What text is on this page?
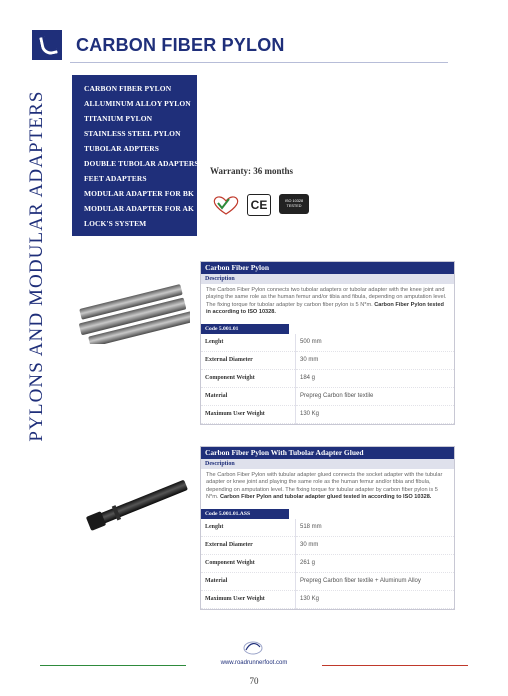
CARBON FIBER PYLON
PYLONS AND MODULAR ADAPTERS
CARBON FIBER PYLON
ALLUMINUM ALLOY PYLON
TITANIUM PYLON
STAINLESS STEEL PYLON
TUBOLAR ADPTERS
DOUBLE TUBOLAR ADAPTERS
FEET ADAPTERS
MODULAR ADAPTER FOR BK
MODULAR ADAPTER FOR AK
LOCK'S SYSTEM
Warranty: 36 months
CE	ISO 10328
TESTED
Carbon Fiber Pylon
Description
The Carbon Fiber Pylon connects two tubolar adapters or tubolar adapter with the knee joint and playing the same role as the human femur and/or tibia and fibula, depending on amputation level. The fixing torque for tubolar adapter by carbon fiber pylon is 5 N*m. Carbon Fiber Pylon tested in according to ISO 10328.
Code 5.001.01
Lenght	500 mm
External Diameter	30 mm
Component Weight	184 g
Material	Prepreg Carbon fiber textile
Maximum User Weight	130 Kg
Carbon Fiber Pylon With Tubolar Adapter Glued
Description
The Carbon Fiber Pylon with tubular adapter glued connects the socket adapter with the tubular adapter or knee joint and playing the same role as the human femur and/or tibia and fibula, depending on amputation level. The fixing torque for tubular adapter by carbon fiber pylon is 5 N*m. Carbon Fiber Pylon and tubolar adapter glued tested in according to ISO 10328.
Code 5.001.01.ASS
Lenght	518 mm
External Diameter	30 mm
Component Weight	261 g
Material	Prepreg Carbon fiber textile + Aluminum Alloy
Maximum User Weight	130 Kg
www.roadrunnerfoot.com
70
